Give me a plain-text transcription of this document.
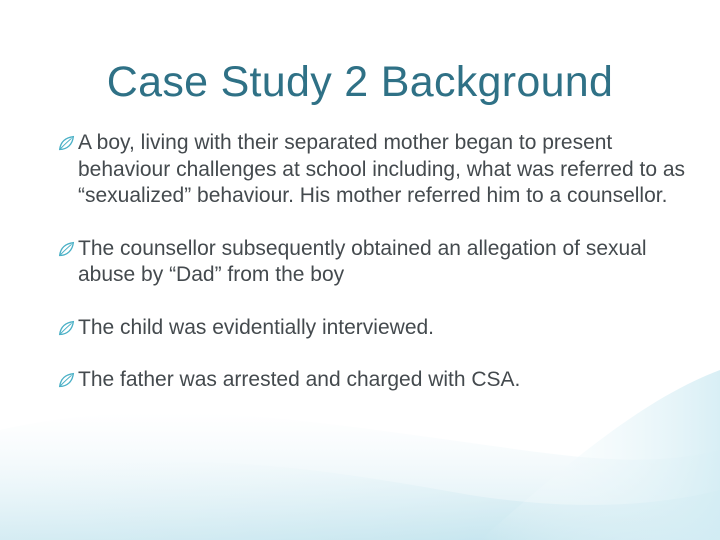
Case Study 2 Background

A boy, living with their separated mother began to present behaviour challenges at school including, what was referred to as “sexualized” behaviour. His mother referred him to a counsellor.

The counsellor subsequently obtained an allegation of sexual abuse by “Dad” from the boy

The child was evidentially interviewed.

The father was arrested and charged with CSA.
